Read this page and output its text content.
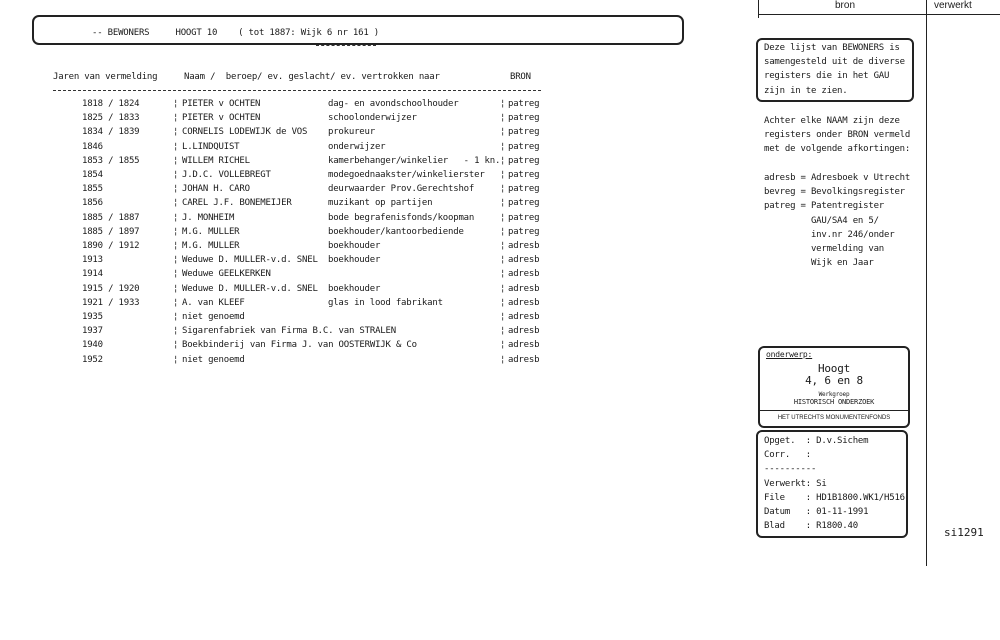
-- BEWONERS     HOOGT 10    ( tot 1887: Wijk 6 nr 161 )
Jaren van vermelding	Naam /  beroep/ ev. geslacht/ ev. vertrokken naar	BRON
1818 / 1824	PIETER v OCHTEN	dag- en avondschoolhouder	patreg
¦	¦
1825 / 1833	PIETER v OCHTEN	schoolonderwijzer	patreg
¦	¦
1834 / 1839	CORNELIS LODEWIJK de VOS prokureur	patreg
¦	¦
1846	L.LINDQUIST	onderwijzer	patreg
¦	¦
1853 / 1855	WILLEM RICHEL	kamerbehanger/winkelier   - 1 kn. patreg
¦	¦
1854	J.D.C. VOLLEBREGT	modegoednaakster/winkelierster	patreg
¦	¦
1855	JOHAN H. CARO	deurwaarder Prov.Gerechtshof	patreg
¦	¦
1856	CAREL J.F. BONEMEIJER	muzikant op partijen	patreg
¦	¦
1885 / 1887	J. MONHEIM	bode begrafenisfonds/koopman	patreg
¦	¦
1885 / 1897	M.G. MULLER	boekhouder/kantoorbediende	patreg
¦	¦
1890 / 1912	M.G. MULLER	boekhouder	adresb
¦	¦
1913	Weduwe D. MULLER-v.d. SNEL boekhouder	adresb
¦	¦
1914	Weduwe GEELKERKEN	adresb
¦	¦
1915 / 1920	Weduwe D. MULLER-v.d. SNEL boekhouder	adresb
¦	¦
1921 / 1933	A. van KLEEF	glas in lood fabrikant	adresb
¦	¦
1935	niet genoemd	adresb
¦	¦
1937	Sigarenfabriek van Firma B.C. van STRALEN	adresb
¦	¦
1940	Boekbinderij van Firma J. van OOSTERWIJK & Co	adresb
¦	¦
1952	niet genoemd	adresb
¦	¦
bron	verwerkt
Deze lijst van BEWONERS is
samengesteld uit de diverse
registers die in het GAU
zijn in te zien.
Achter elke NAAM zijn deze
registers onder BRON vermeld
met de volgende afkortingen:
adresb = Adresboek v Utrecht
bevreg = Bevolkingsregister
patreg = Patentregister
GAU/SA4 en 5/
inv.nr 246/onder
vermelding van
Wijk en Jaar
onderwerp:
Hoogt
4, 6 en 8
Werkgroep
HISTORISCH ONDERZOEK
HET UTRECHTS MONUMENTENFONDS
Opget.  : D.v.Sichem
Corr.   :
----------
Verwerkt: Si
File    : HD1B1800.WK1/H516
Datum   : 01-11-1991
Blad    : R1800.40	si1291
